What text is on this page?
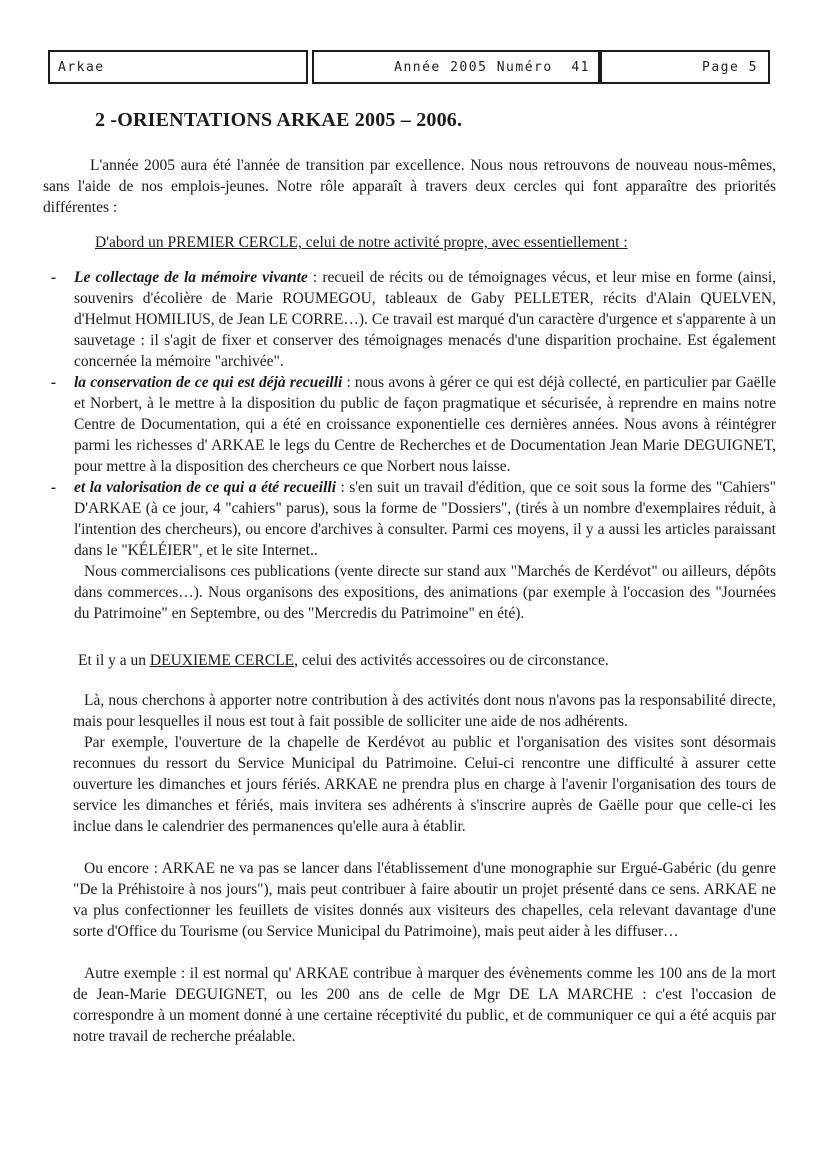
Arkae	Année 2005 Numéro  41	Page 5
2 -ORIENTATIONS ARKAE 2005 – 2006.

L'année 2005 aura été l'année de transition par excellence. Nous nous retrouvons de nouveau nous-mêmes, sans l'aide de nos emplois-jeunes. Notre rôle apparaît à travers deux cercles qui font apparaître des priorités différentes :

D'abord un PREMIER CERCLE, celui de notre activité propre, avec essentiellement :

- Le collectage de la mémoire vivante : recueil de récits ou de témoignages vécus, et leur mise en forme (ainsi, souvenirs d'écolière de Marie ROUMEGOU, tableaux de Gaby PELLETER, récits d'Alain QUELVEN, d'Helmut HOMILIUS, de Jean LE CORRE…). Ce travail est marqué d'un caractère d'urgence et s'apparente à un sauvetage : il s'agit de fixer et conserver des témoignages menacés d'une disparition prochaine. Est également concernée la mémoire "archivée".
- la conservation de ce qui est déjà recueilli : nous avons à gérer ce qui est déjà collecté, en particulier par Gaëlle et Norbert, à le mettre à la disposition du public de façon pragmatique et sécurisée, à reprendre en mains notre Centre de Documentation, qui a été en croissance exponentielle ces dernières années. Nous avons à réintégrer parmi les richesses d' ARKAE le legs du Centre de Recherches et de Documentation Jean Marie DEGUIGNET, pour mettre à la disposition des chercheurs ce que Norbert nous laisse.
- et la valorisation de ce qui a été recueilli : s'en suit un travail d'édition, que ce soit sous la forme des "Cahiers" D'ARKAE (à ce jour, 4 "cahiers" parus), sous la forme de "Dossiers", (tirés à un nombre d'exemplaires réduit, à l'intention des chercheurs), ou encore d'archives à consulter. Parmi ces moyens, il y a aussi les articles paraissant dans le "KÉLÉIER", et le site Internet..
Nous commercialisons ces publications (vente directe sur stand aux "Marchés de Kerdévot" ou ailleurs, dépôts dans commerces…). Nous organisons des expositions, des animations (par exemple à l'occasion des "Journées du Patrimoine" en Septembre, ou des "Mercredis du Patrimoine" en été).

Et il y a un DEUXIEME CERCLE, celui des activités accessoires ou de circonstance.

Là, nous cherchons à apporter notre contribution à des activités dont nous n'avons pas la responsabilité directe, mais pour lesquelles il nous est tout à fait possible de solliciter une aide de nos adhérents.

Par exemple, l'ouverture de la chapelle de Kerdévot au public et l'organisation des visites sont désormais reconnues du ressort du Service Municipal du Patrimoine. Celui-ci rencontre une difficulté à assurer cette ouverture les dimanches et jours fériés. ARKAE ne prendra plus en charge à l'avenir l'organisation des tours de service les dimanches et fériés, mais invitera ses adhérents à s'inscrire auprès de Gaëlle pour que celle-ci les inclue dans le calendrier des permanences qu'elle aura à établir.

Ou encore : ARKAE ne va pas se lancer dans l'établissement d'une monographie sur Ergué-Gabéric (du genre "De la Préhistoire à nos jours"), mais peut contribuer à faire aboutir un projet présenté dans ce sens. ARKAE ne va plus confectionner les feuillets de visites donnés aux visiteurs des chapelles, cela relevant davantage d'une sorte d'Office du Tourisme (ou Service Municipal du Patrimoine), mais peut aider à les diffuser…

Autre exemple : il est normal qu' ARKAE contribue à marquer des évènements comme les 100 ans de la mort de Jean-Marie DEGUIGNET, ou les 200 ans de celle de Mgr DE LA MARCHE : c'est l'occasion de correspondre à un moment donné à une certaine réceptivité du public, et de communiquer ce qui a été acquis par notre travail de recherche préalable.
